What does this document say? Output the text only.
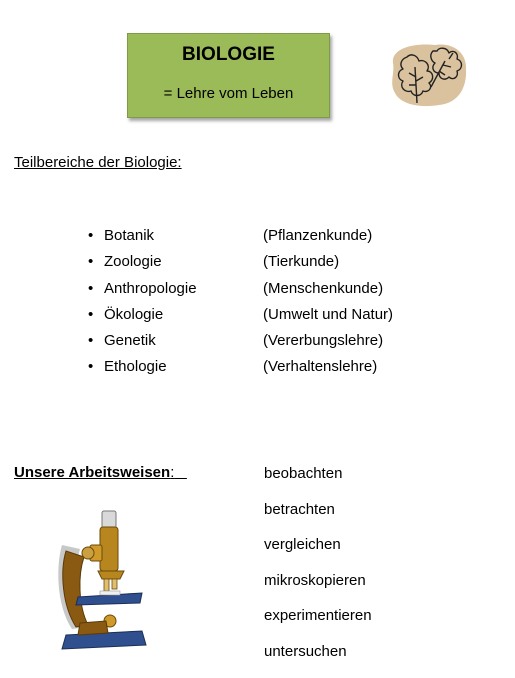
BIOLOGIE
= Lehre vom Leben
Teilbereiche der Biologie:
• Botanik	(Pflanzenkunde)
• Zoologie	(Tierkunde)
• Anthropologie	(Menschenkunde)
• Ökologie	(Umwelt und Natur)
• Genetik	(Vererbungslehre)
• Ethologie	(Verhaltenslehre)
Unsere Arbeitsweisen:	beobachten
betrachten
vergleichen
mikroskopieren
experimentieren
untersuchen
